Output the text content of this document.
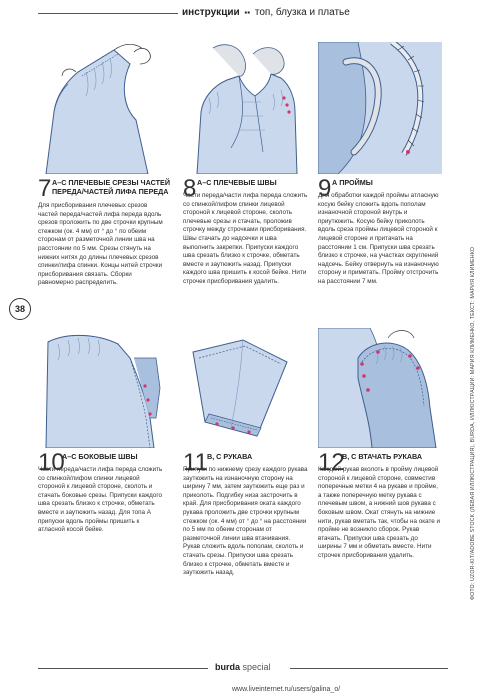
инструкции ▪▪ топ, блузка и платье
38	ФОТО: UZOR-KIT/ADOBE STOCK (ЛЕВАЯ ИЛЛЮСТРАЦИЯ), BURDA, ИЛЛЮСТРАЦИИ: МАРИЯ КЛИМЕНКО, ТЕКСТ: МАРИЯ КЛИМЕНКО
7 А–С ПЛЕЧЕВЫЕ СРЕЗЫ ЧАСТЕЙ ПЕРЕДА/ЧАСТЕЙ ЛИФА ПЕРЕДА
Для присборивания плечевых срезов частей переда/частей лифа переда вдоль срезов проложить по две строчки крупным стежком (ок. 4 мм) от ° до ° по обеим сторонам от разметочной линии шва на расстоянии по 5 мм. Срезы стянуть на нижних нитях до длины плечевых срезов спинки/лифа спинки. Концы нитей строчки присборивания связать. Сборки равномерно распределить.
8 А–С ПЛЕЧЕВЫЕ ШВЫ
Части переда/части лифа переда сложить со спинкой/лифом спинки лицевой стороной к лицевой стороне, сколоть плечевые срезы и стачать, проложив строчку между строчками присборивания. Швы стачать до надсечки и шва выполнить закрепки. Припуски каждого шва срезать близко к строчке, обметать вместе и заутюжить назад. Припуски каждого шва пришить к косой бейке. Нити строчек присборивания удалить.
9 А ПРОЙМЫ
Для обработки каждой проймы атласную косую бейку сложить вдоль пополам изнаночной стороной внутрь и приутюжить. Косую бейку приколоть вдоль среза проймы лицевой стороной к лицевой стороне и притачать на расстоянии 1 см. Припуски шва срезать близко к строчке, на участках скруглений надсечь. Бейку отвернуть на изнаночную сторону и приметать. Пройму отстрочить на расстоянии 7 мм.
10
А–С БОКОВЫЕ ШВЫ
Части переда/части лифа переда сложить со спинкой/лифом спинки лицевой стороной к лицевой стороне, сколоть и стачать боковые срезы. Припуски каждого шва срезать близко к строчке, обметать вместе и заутюжить назад. Для топа А припуски вдоль проймы пришить к атласной косой бейке.
11 В, С РУКАВА
Припуск по нижнему срезу каждого рукава заутюжить на изнаночную сторону на ширину 7 мм, затем заутюжить еще раз и приколоть. Подгибку низа застрочить в край. Для присборивания оката каждого рукава проложить две строчки крупным стежком (ок. 4 мм) от ° до ° на расстоянии по 5 мм по обеим сторонам от разметочной линии шва втачивания. Рукав сложить вдоль пополам, сколоть и стачать срезы. Припуски шва срезать близко к строчке, обметать вместе и заутюжить назад.
12
В, С ВТАЧАТЬ РУКАВА
Каждый рукав вколоть в пройму лицевой стороной к лицевой стороне, совместив поперечные метки 4 на рукаве и пройме, а также поперечную метку рукава с плечевым швом, а нижний шов рукава с боковым швом. Окат стянуть на нижние нити, рукав вметать так, чтобы на окате и пройме не возникло сборок. Рукав втачать. Припуски шва срезать до ширины 7 мм и обметать вместе. Нити строчек присборивания удалить.
burda special
www.liveinternet.ru/users/galina_o/
